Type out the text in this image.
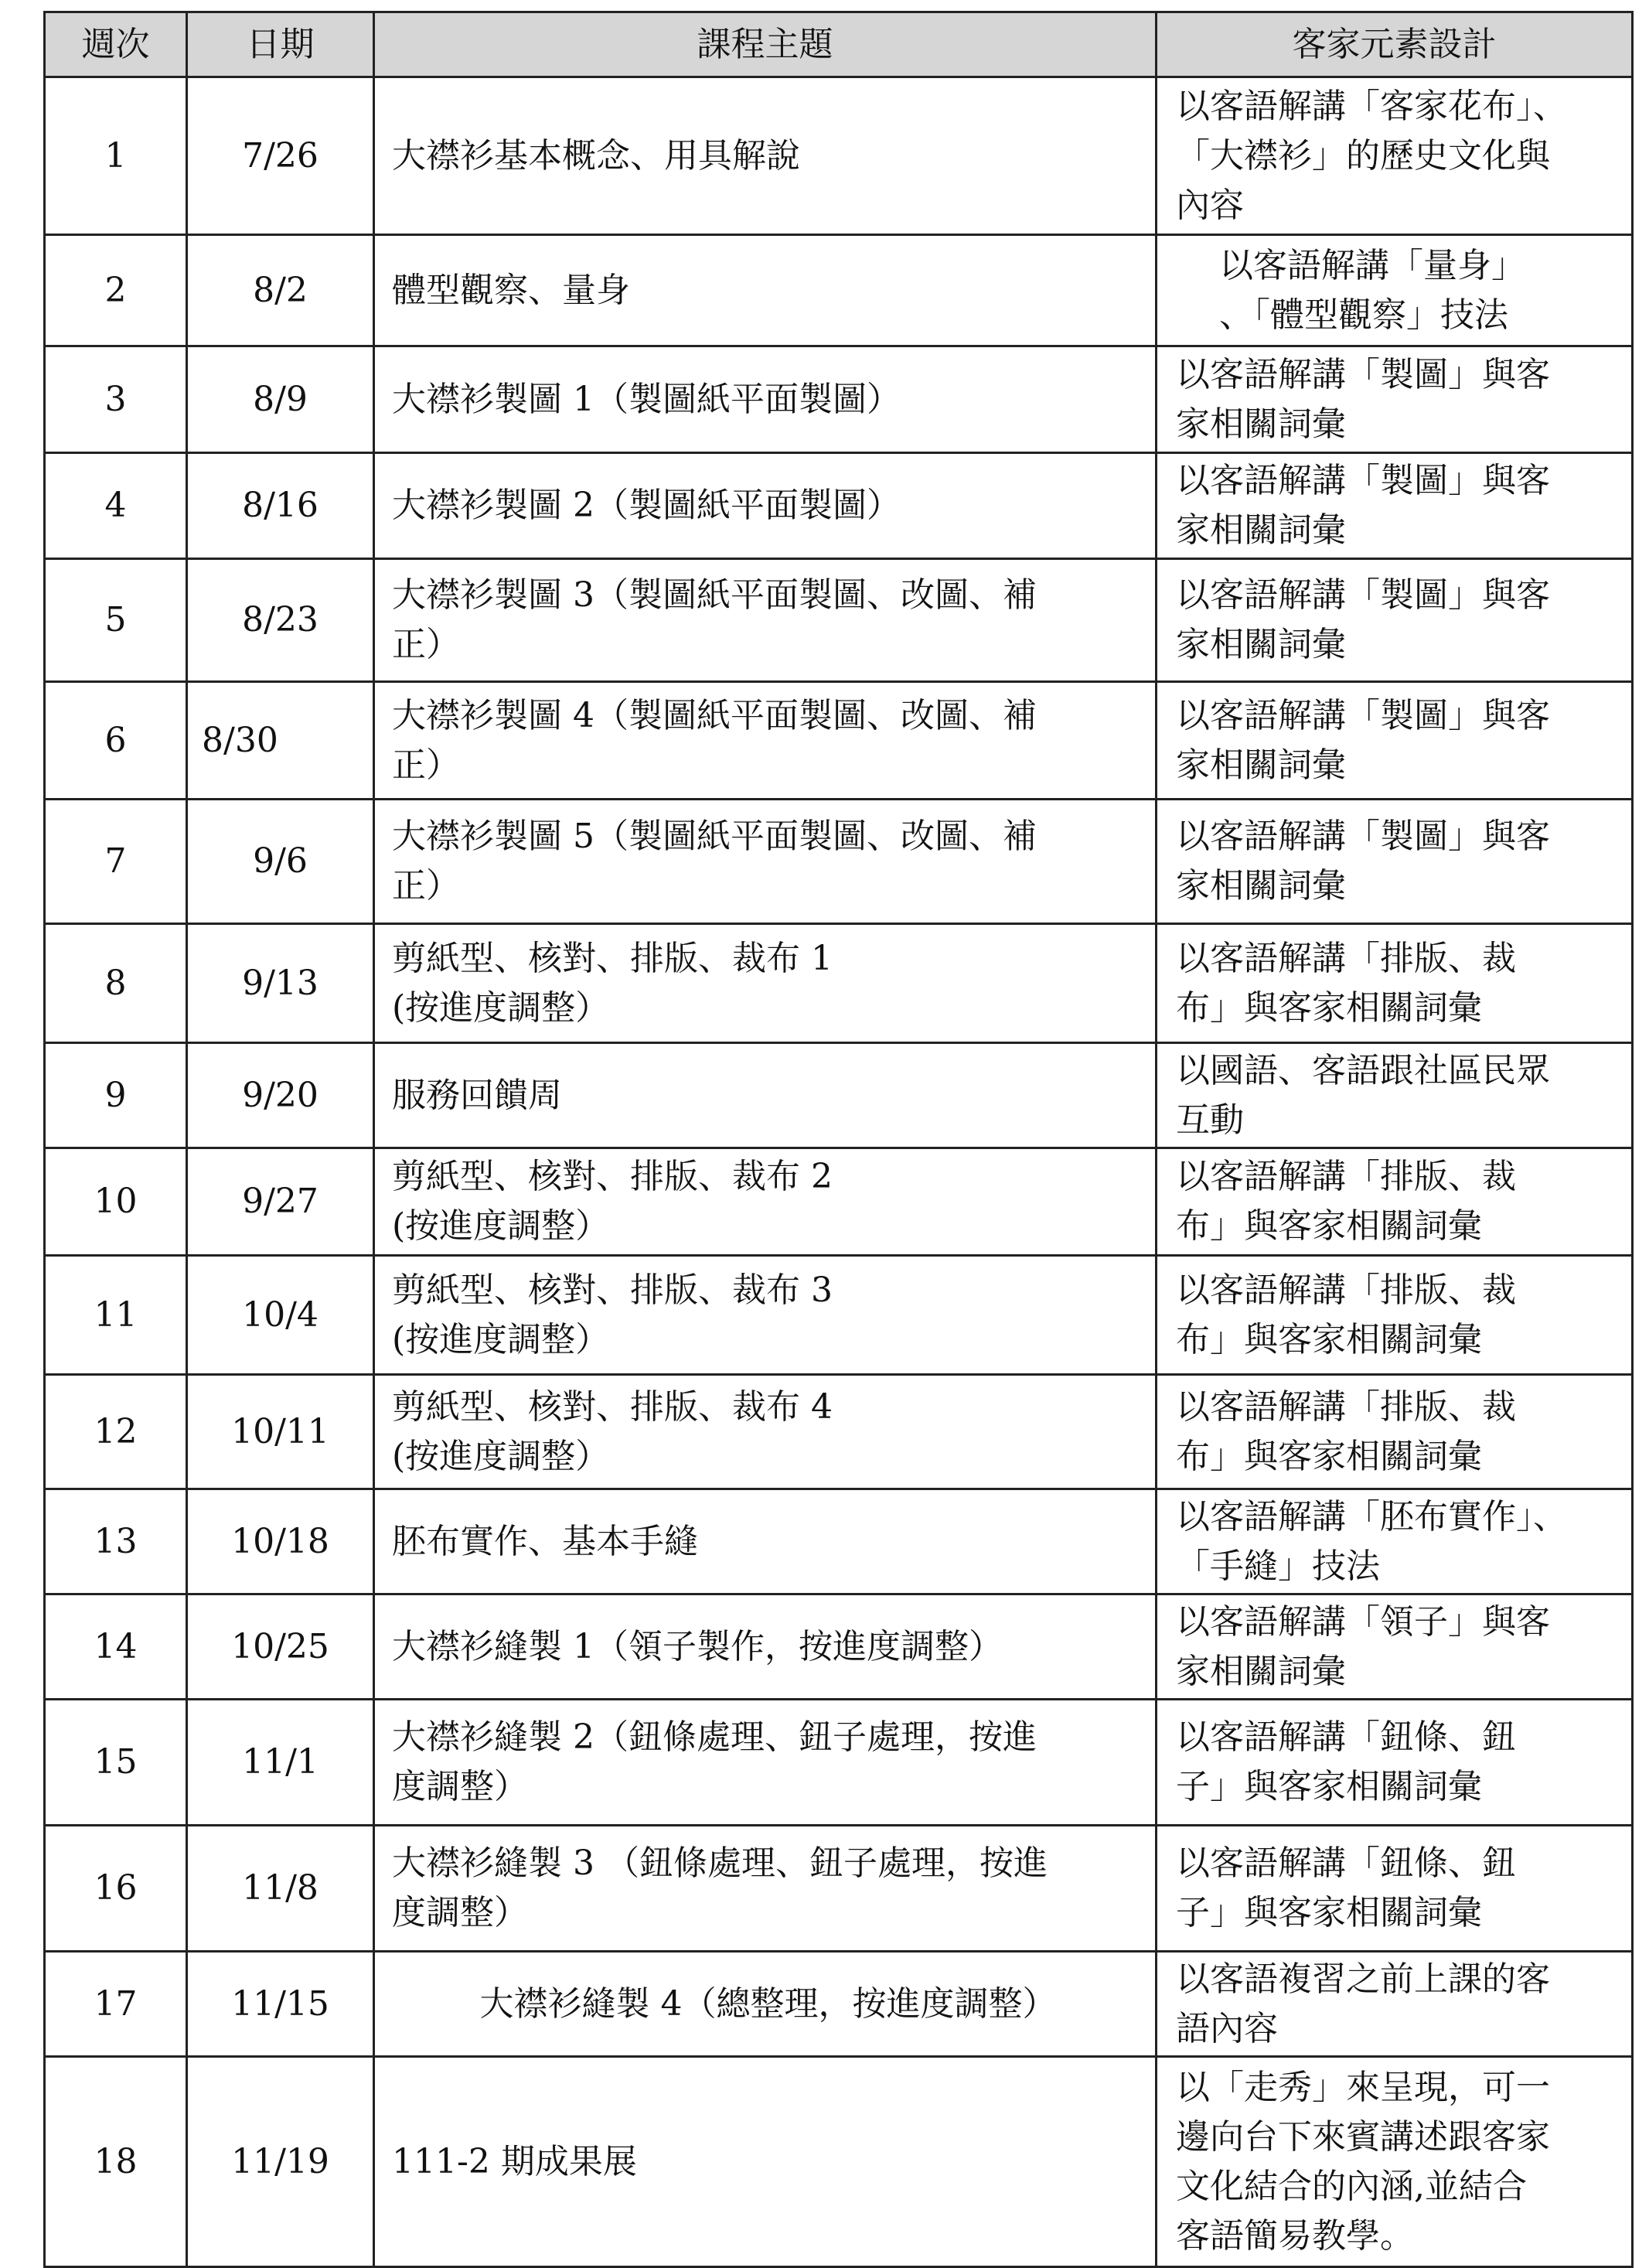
週次	日期	課程主題	客家元素設計
1	7/26	大襟衫基本概念、用具解說	以客語解講「客家花布」、
「大襟衫」的歷史文化與
內容

2	8/2	體型觀察、量身	以客語解講「量身」
、「體型觀察」技法

3	8/9	大襟衫製圖 1（製圖紙平面製圖）	以客語解講「製圖」與客
家相關詞彙

4	8/16	大襟衫製圖 2（製圖紙平面製圖）	以客語解講「製圖」與客
家相關詞彙

5	8/23	大襟衫製圖 3（製圖紙平面製圖、改圖、補
正）	以客語解講「製圖」與客
家相關詞彙

6	8/30	大襟衫製圖 4（製圖紙平面製圖、改圖、補
正）	以客語解講「製圖」與客
家相關詞彙

7	9/6	大襟衫製圖 5（製圖紙平面製圖、改圖、補
正）	以客語解講「製圖」與客
家相關詞彙

8	9/13	剪紙型、核對、排版、裁布 1
(按進度調整）	以客語解講「排版、裁
布」與客家相關詞彙

9	9/20	服務回饋周	以國語、客語跟社區民眾
互動

10	9/27	剪紙型、核對、排版、裁布 2
(按進度調整）	以客語解講「排版、裁
布」與客家相關詞彙

11	10/4	剪紙型、核對、排版、裁布 3
(按進度調整）	以客語解講「排版、裁
布」與客家相關詞彙

12	10/11	剪紙型、核對、排版、裁布 4
(按進度調整）	以客語解講「排版、裁
布」與客家相關詞彙

13	10/18	胚布實作、基本手縫	以客語解講「胚布實作」、
「手縫」技法

14	10/25	大襟衫縫製 1（領子製作，按進度調整）	以客語解講「領子」與客
家相關詞彙

15	11/1	大襟衫縫製 2（鈕條處理、鈕子處理，按進
度調整）	以客語解講「鈕條、鈕
子」與客家相關詞彙

16	11/8	大襟衫縫製 3 （鈕條處理、鈕子處理，按進
度調整）	以客語解講「鈕條、鈕
子」與客家相關詞彙

17	11/15	大襟衫縫製 4（總整理，按進度調整）	以客語複習之前上課的客
語內容

18	11/19	111-2 期成果展	以「走秀」來呈現，可一
邊向台下來賓講述跟客家
文化結合的內涵,並結合
客語簡易教學。
